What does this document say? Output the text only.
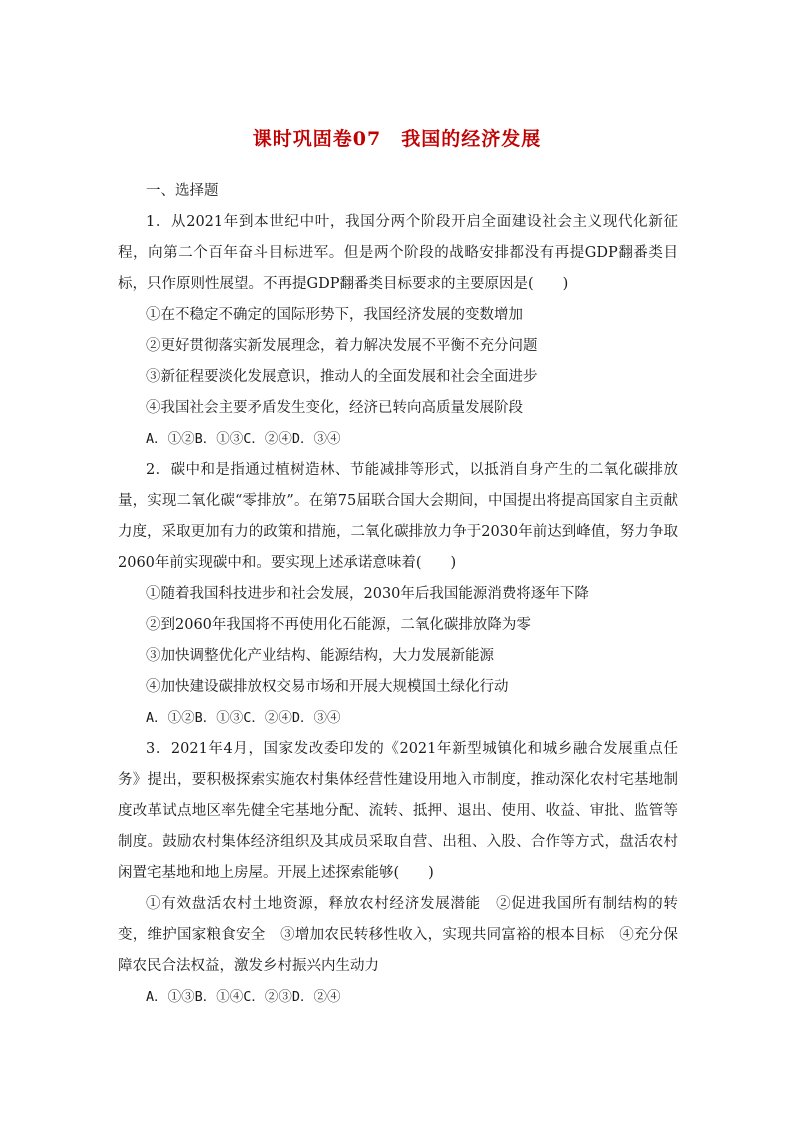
课时巩固卷07　我国的经济发展

一、选择题

1．从2021年到本世纪中叶，我国分两个阶段开启全面建设社会主义现代化新征程，向第二个百年奋斗目标进军。但是两个阶段的战略安排都没有再提GDP翻番类目标，只作原则性展望。不再提GDP翻番类目标要求的主要原因是(　　)

①在不稳定不确定的国际形势下，我国经济发展的变数增加

②更好贯彻落实新发展理念，着力解决发展不平衡不充分问题

③新征程要淡化发展意识，推动人的全面发展和社会全面进步

④我国社会主要矛盾发生变化，经济已转向高质量发展阶段

A．①②B．①③C．②④D．③④

2．碳中和是指通过植树造林、节能减排等形式，以抵消自身产生的二氧化碳排放量，实现二氧化碳“零排放”。在第75届联合国大会期间，中国提出将提高国家自主贡献力度，采取更加有力的政策和措施，二氧化碳排放力争于2030年前达到峰值，努力争取2060年前实现碳中和。要实现上述承诺意味着(　　)

①随着我国科技进步和社会发展，2030年后我国能源消费将逐年下降

②到2060年我国将不再使用化石能源，二氧化碳排放降为零

③加快调整优化产业结构、能源结构，大力发展新能源

④加快建设碳排放权交易市场和开展大规模国土绿化行动

A．①②B．①③C．②④D．③④

3．2021年4月，国家发改委印发的《2021年新型城镇化和城乡融合发展重点任务》提出，要积极探索实施农村集体经营性建设用地入市制度，推动深化农村宅基地制度改革试点地区率先健全宅基地分配、流转、抵押、退出、使用、收益、审批、监管等制度。鼓励农村集体经济组织及其成员采取自营、出租、入股、合作等方式，盘活农村闲置宅基地和地上房屋。开展上述探索能够(　　)

①有效盘活农村土地资源，释放农村经济发展潜能　②促进我国所有制结构的转变，维护国家粮食安全　③增加农民转移性收入，实现共同富裕的根本目标　④充分保障农民合法权益，激发乡村振兴内生动力

A．①③B．①④C．②③D．②④
